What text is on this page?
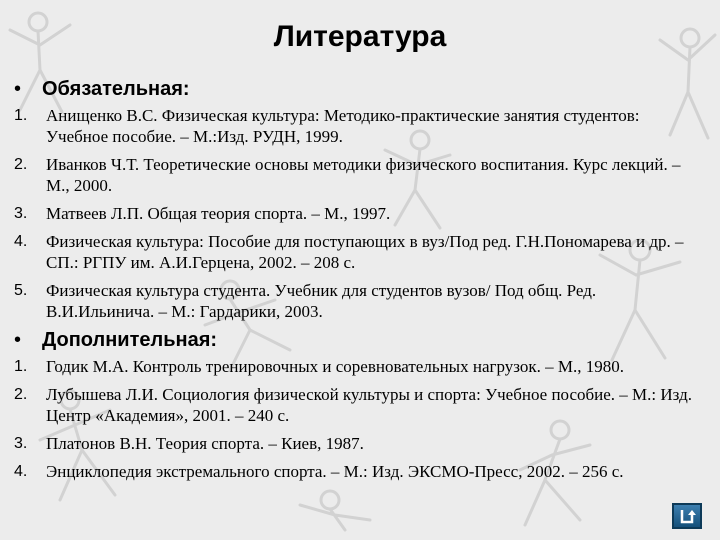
Литература
•	Обязательная:
1.	Анищенко В.С. Физическая культура: Методико-практические занятия студентов: Учебное пособие. – М.:Изд. РУДН, 1999.
2.	Иванков Ч.Т. Теоретические основы методики физического воспитания. Курс лекций. – М., 2000.
3.	Матвеев Л.П. Общая теория спорта. – М., 1997.
4.	Физическая культура: Пособие для поступающих в вуз/Под ред. Г.Н.Пономарева и др. – СП.: РГПУ им. А.И.Герцена, 2002. – 208 с.
5.	Физическая культура студента. Учебник для студентов вузов/ Под общ. Ред. В.И.Ильинича. – М.: Гардарики, 2003.
•	Дополнительная:
1.	Годик М.А. Контроль тренировочных и соревновательных нагрузок. – М., 1980.
2.	Лубышева Л.И. Социология физической культуры и спорта: Учебное пособие. – М.: Изд. Центр «Академия», 2001. – 240 с.
3.	Платонов В.Н. Теория спорта. – Киев, 1987.
4.	Энциклопедия экстремального спорта. – М.: Изд. ЭКСМО-Пресс, 2002. – 256 с.
